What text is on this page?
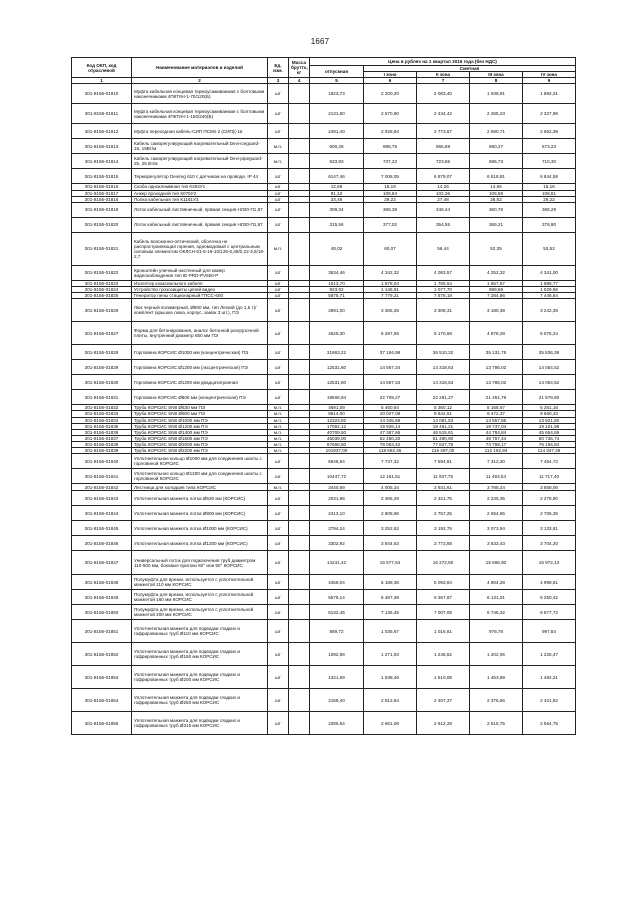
1667
Код ОКП, код отраслевой	Наименование материалов и изделий	Ед. изм.	Масса брутто, кг	Цена в рублях на 1 квартал 2016 года (без НДС)				
				отпускная	Сметная			
					I зона	II зона	III зона	IV зона
1	2	3	4	5	6	7	8	9
301-8156-01810	Муфта кабельная концевая термоусаживаемая с болтовыми наконечниками 4ПКТпН-1-70/120(Б)	шт		1823,73	2 200,20	2 083,40	1 938,81	1 892,31
301-8156-01811	Муфта кабельная концевая термоусаживаемая с болтовыми наконечниками 4ПКТпН-1-150/240(Б)	шт		2131,60	2 570,90	2 434,42	2 265,23	2 327,98
301-8156-01812	Муфта переходная кабель-СИП ПСМп 2 (СИП)(-1в	шт		2481,40	2 928,94	2 773,67	2 580,71	2 652,39
301-8156-01813	Кабель саморегулирующий нагревательный Devi-iceguard-18, 18Вт/м	м.п.		600,28	698,75	665,89	660,27	673,23
301-8156-01814	Кабель саморегулирующий нагревательный Devi-pipeguard-25, 25 Вт/м	м.п.		633,93	737,22	723,65	696,73	710,30
301-8156-01815	Терморегулятор Devireg 610 с датчиком на проводе, IP 44	шт		6147,46	7 008,05	6 879,07	6 618,81	6 844,58
301-8156-01816	Скоба одноклеммная тип К254У1	шт		12,69	15,18	14,26	14,55	15,16
301-8156-01817	Анкер проходной тип К075У2	шт		91,10	108,84	102,36	106,59	108,81
301-8156-01818	Полка кабельная тип К1161У3	шт		24,46	29,22	27,48	28,62	29,22
301-8156-01819	Лоток кабельный листвяничный, прямая секция НЛ20-П1,87	шт		308,34	368,39	346,44	360,76	368,29
301-8156-01820	Лоток кабельный листвяничный, прямая секция НЛ30-П1,87	шт		315,56	377,02	354,55	369,21	376,90
301-8156-01821	Кабель волоконно-оптический, оболочка не распространяющая горения, одномодовый с центральным силовым элементом ОКЛСН-01-6-16-10/125-0,36/0,22-3,5/18-2,7	м.п.		48,02	60,07	56,44	52,35	53,52
301-8156-01822	Кронштейн уличный настенный для камер видеонаблюдения тип IE-PRD-PV550-P	шт		3634,46	4 342,32	4 083,57	4 252,32	4 341,00
301-8156-01823	Изолятор коаксиального кабеля	шт		1513,70	1 878,04	1 765,64	1 657,57	1 886,77
301-8156-01824	Устройство грозозащиты цепей видео	шт		923,92	1 146,91	1 077,70	999,69	1 029,56
301-8156-01825	Генератор пены стационарный ГПСС-600	шт		5875,71	7 779,21	7 578,18	7 284,86	7 446,84
301-8156-01826	Люк черный полимерный, Ø800 мм, тип Легкий (до 1,5 т)/комплект (крышка люка, корпус, замок 3 шт.), ПЭ	шт		2891,00	3 365,25	3 308,31	3 180,39	3 242,39
301-8156-01827	Форма для бетонирования, аналог бетонной разгрузочной плиты, внутренний диаметр 650 мм ПЭ	шт		4525,30	5 287,65	5 170,69	4 878,28	5 075,24
301-8156-01828	Горловина КОРСИС Ø1000 мм (концентрическая) ПЭ	шт		31963,22	37 194,98	36 510,32	35 131,75	35 836,39
301-8156-01829	Горловина КОРСИС Ø1200 мм (эксцентрическая) ПЭ	шт		12531,60	14 567,34	14 318,63	13 786,02	14 054,52
301-8156-01830	Горловина КОРСИС Ø1200 мм двадцатигранная	шт		12531,60	14 567,34	14 318,63	13 786,02	14 054,52
301-8156-01831	Горловина КОРСИС Ø800 мм (концентрическая) ПЭ	шт		19506,94	22 709,27	22 291,27	21 451,79	21 879,80
301-8156-01832	Труба КОРСИС SN8 Ø630 мм ПЭ	м.п.		4691,09	5 460,84	5 360,12	5 158,67	5 261,16
301-8156-01833	Труба КОРСИС SN8 Ø800 мм ПЭ	м.п.		8614,00	10 027,08	9 842,51	9 472,37	9 660,33
301-8156-01834	Труба КОРСИС SN8 Ø1000 мм ПЭ	м.п.		12323,92	14 345,59	14 081,53	13 557,85	13 821,60
301-8156-01835	Труба КОРСИС SN8 Ø1200 мм ПЭ	м.п.		17092,12	19 926,14	19 461,21	18 737,04	19 101,98
301-8156-01836	Труба КОРСИС SN8 Ø1400 мм ПЭ	м.п.		40709,50	47 387,66	46 515,61	44 784,84	45 654,59
301-8156-01837	Труба КОРСИС SN8 Ø1600 мм ПЭ	м.п.		45039,00	52 460,20	51 490,90	49 757,44	50 736,74
301-8156-01838	Труба КОРСИС SN8 Ø2000 мм ПЭ	м.п.		67658,50	78 063,42	77 627,75	74 759,17	76 194,84
301-8156-01839	Труба КОРСИС SN8 Ø2200 мм ПЭ	м.п.		101937,00	118 662,45	116 497,00	112 162,94	114 347,49
301-8156-01840	Уплотнительное кольцо Ø1000 мм для соединения шахты с горловиной КОРСИС	шт		6646,94	7 737,32	7 594,91	7 312,30	7 454,72
301-8156-01841	Уплотнительное кольцо Ø1200 мм для соединения шахты с горловиной КОРСИС	шт		10447,72	12 161,51	11 937,75	11 493,54	11 717,40
301-8156-01842	Лестница для колодцев типа КОРСИС	м.п.		3440,69	4 005,34	3 931,61	3 785,24	3 858,06
301-8156-01843	Уплотнительная манжета лотка Ø630 мм (КОРСИС)	шт		2031,96	2 365,29	2 321,75	2 235,35	2 278,90
301-8156-01844	Уплотнительная манжета лотка Ø800 мм (КОРСИС)	шт		2413,10	2 808,96	2 757,25	2 654,65	2 706,35
301-8156-01845	Уплотнительная манжета лотка Ø1000 мм (КОРСИС)	шт		2794,24	3 252,62	3 192,75	3 073,94	3 133,81
301-8156-01846	Уплотнительная манжета лотка Ø1200 мм (КОРСИС)	шт		3302,92	3 844,63	3 773,88	3 633,43	3 704,20
301-8156-01847	Универсальный лоток для подключения труб диаметром 110-500 мм, боковые притоки 60° или 90° КОРСИС	шт		14241,42	16 577,64	16 272,50	15 666,90	15 972,13
301-8156-01848	Полумуфта для врезки, используется с уплотнительной манжетой 110 мм КОРСИС	шт		4458,04	5 189,36	5 093,84	4 904,28	4 998,81
301-8156-01849	Полумуфта для врезки, используется с уплотнительной манжетой 160 мм КОРСИС	шт		5575,14	6 487,38	6 367,67	6 131,01	6 250,42
301-8156-01850	Полумуфта для врезки, используется с уплотнительной манжетой 200 мм КОРСИС	шт		6132,46	7 136,45	7 007,08	6 746,32	6 877,72
301-8156-01851	Уплотнительная манжета для подводки гладких и гофрированных труб Ø110 мм КОРСИС	шт		889,72	1 035,67	1 016,61	978,78	997,84
301-8156-01852	Уплотнительная манжета для подводки гладких и гофрированных труб Ø160 мм КОРСИС	шт		1092,98	1 271,93	1 248,52	1 202,06	1 225,47
301-8156-01853	Уплотнительная манжета для подводки гладких и гофрированных труб Ø200 мм КОРСИС	шт		1321,69	1 538,46	1 510,08	1 453,89	1 482,21
301-8156-01854	Уплотнительная манжета для подводки гладких и гофрированных труб Ø250 мм КОРСИС	шт		2159,40	2 513,64	2 467,37	2 375,56	2 421,82
301-8156-01855	Уплотнительная манжета для подводки гладких и гофрированных труб Ø315 мм КОРСИС	шт		2285,84	2 661,08	2 612,28	2 515,75	2 564,75
